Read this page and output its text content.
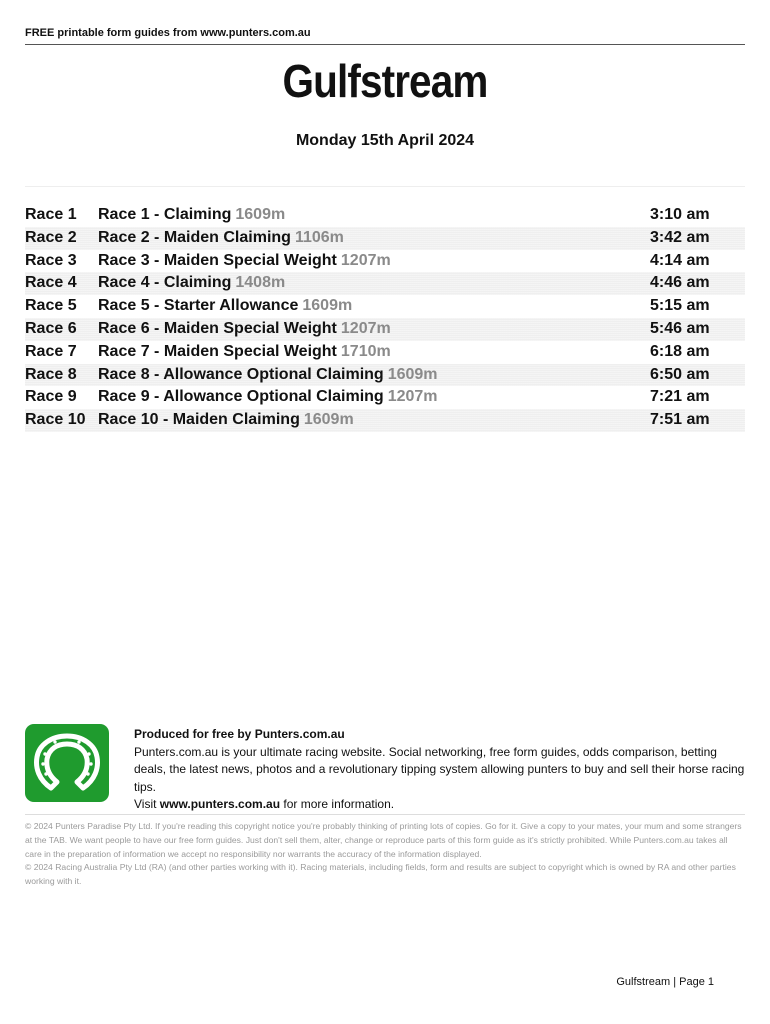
FREE printable form guides from www.punters.com.au
Gulfstream
Monday 15th April 2024
Race 1 Race 1 - Claiming 1609m	3:10 am
Race 2 Race 2 - Maiden Claiming 1106m	3:42 am
Race 3 Race 3 - Maiden Special Weight 1207m	4:14 am
Race 4 Race 4 - Claiming 1408m	4:46 am
Race 5 Race 5 - Starter Allowance 1609m	5:15 am
Race 6 Race 6 - Maiden Special Weight 1207m	5:46 am
Race 7 Race 7 - Maiden Special Weight 1710m	6:18 am
Race 8 Race 8 - Allowance Optional Claiming 1609m	6:50 am
Race 9 Race 9 - Allowance Optional Claiming 1207m	7:21 am
Race 10 Race 10 - Maiden Claiming 1609m	7:51 am
Produced for free by Punters.com.au
Punters.com.au is your ultimate racing website. Social networking, free form guides, odds comparison, betting deals, the latest news, photos and a revolutionary tipping system allowing punters to buy and sell their horse racing tips.
Visit www.punters.com.au for more information.
© 2024 Punters Paradise Pty Ltd. If you're reading this copyright notice you're probably thinking of printing lots of copies. Go for it. Give a copy to your mates, your mum and some strangers at the TAB. We want people to have our free form guides. Just don't sell them, alter, change or reproduce parts of this form guide as it's strictly prohibited. While Punters.com.au takes all care in the preparation of information we accept no responsibility nor warrants the accuracy of the information displayed.
© 2024 Racing Australia Pty Ltd (RA) (and other parties working with it). Racing materials, including fields, form and results are subject to copyright which is owned by RA and other parties working with it.
Gulfstream | Page 1
